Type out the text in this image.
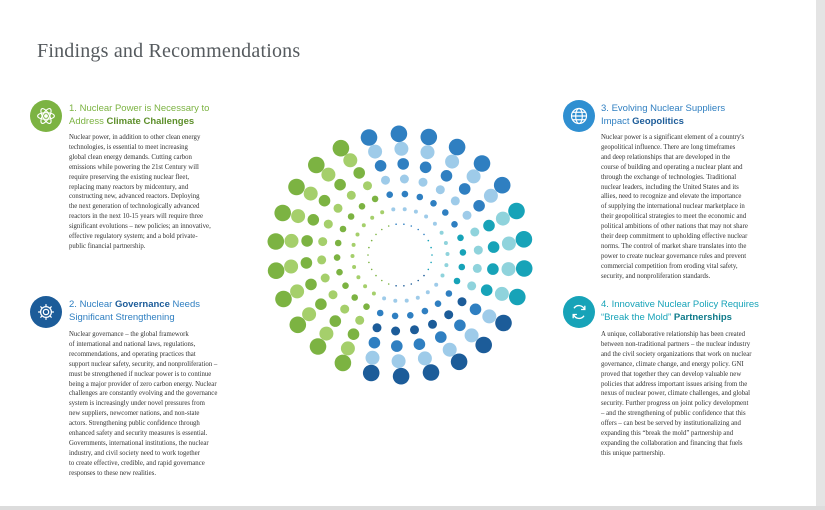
Findings and Recommendations
1. Nuclear Power is Necessary to
Address Climate Challenges

Nuclear power, in addition to other clean energy

technologies, is essential to meet increasing

global clean energy demands. Cutting carbon

emissions while powering the 21st Century will

require preserving the existing nuclear fleet,

replacing many reactors by midcentury, and

constructing new, advanced reactors. Deploying

the next generation of technologically advanced

reactors in the next 10-15 years will require three

significant evolutions – new policies; an innovative,

effective regulatory system; and a bold private-

public financial partnership.

2. Nuclear Governance Needs
Significant Strengthening

Nuclear governance – the global framework

of international and national laws, regulations,

recommendations, and operating practices that

support nuclear safety, security, and nonproliferation –

must be strengthened if nuclear power is to continue

being a major provider of zero carbon energy. Nuclear

challenges are constantly evolving and the governance

system is increasingly under novel pressures from

new suppliers, newcomer nations, and non-state

actors. Strengthening public confidence through

enhanced safety and security measures is essential.

Governments, international institutions, the nuclear

industry, and civil society need to work together

to create effective, credible, and rapid governance

responses to these new realities.

3. Evolving Nuclear Suppliers
Impact Geopolitics

Nuclear power is a significant element of a country's

geopolitical influence. There are long timeframes

and deep relationships that are developed in the

course of building and operating a nuclear plant and

through the exchange of technologies. Traditional

nuclear leaders, including the United States and its

allies, need to recognize and elevate the importance

of supplying the international nuclear marketplace in

their geopolitical strategies to meet the economic and

political ambitions of other nations that may not share

their deep commitment to upholding effective nuclear

norms. The control of market share translates into the

power to create nuclear governance rules and prevent

commercial competition from eroding vital safety,

security, and nonproliferation standards.

4. Innovative Nuclear Policy Requires
“Break the Mold” Partnerships

A unique, collaborative relationship has been created

between non-traditional partners – the nuclear industry

and the civil society organizations that work on nuclear

governance, climate change, and energy policy. GNI

proved that together they can develop valuable new

policies that address important issues arising from the

nexus of nuclear power, climate challenges, and global

security. Further progress on joint policy development

– and the strengthening of public confidence that this

offers – can best be served by institutionalizing and

expanding this “break the mold” partnership and

expanding the collaboration and financing that fuels

this unique partnership.
